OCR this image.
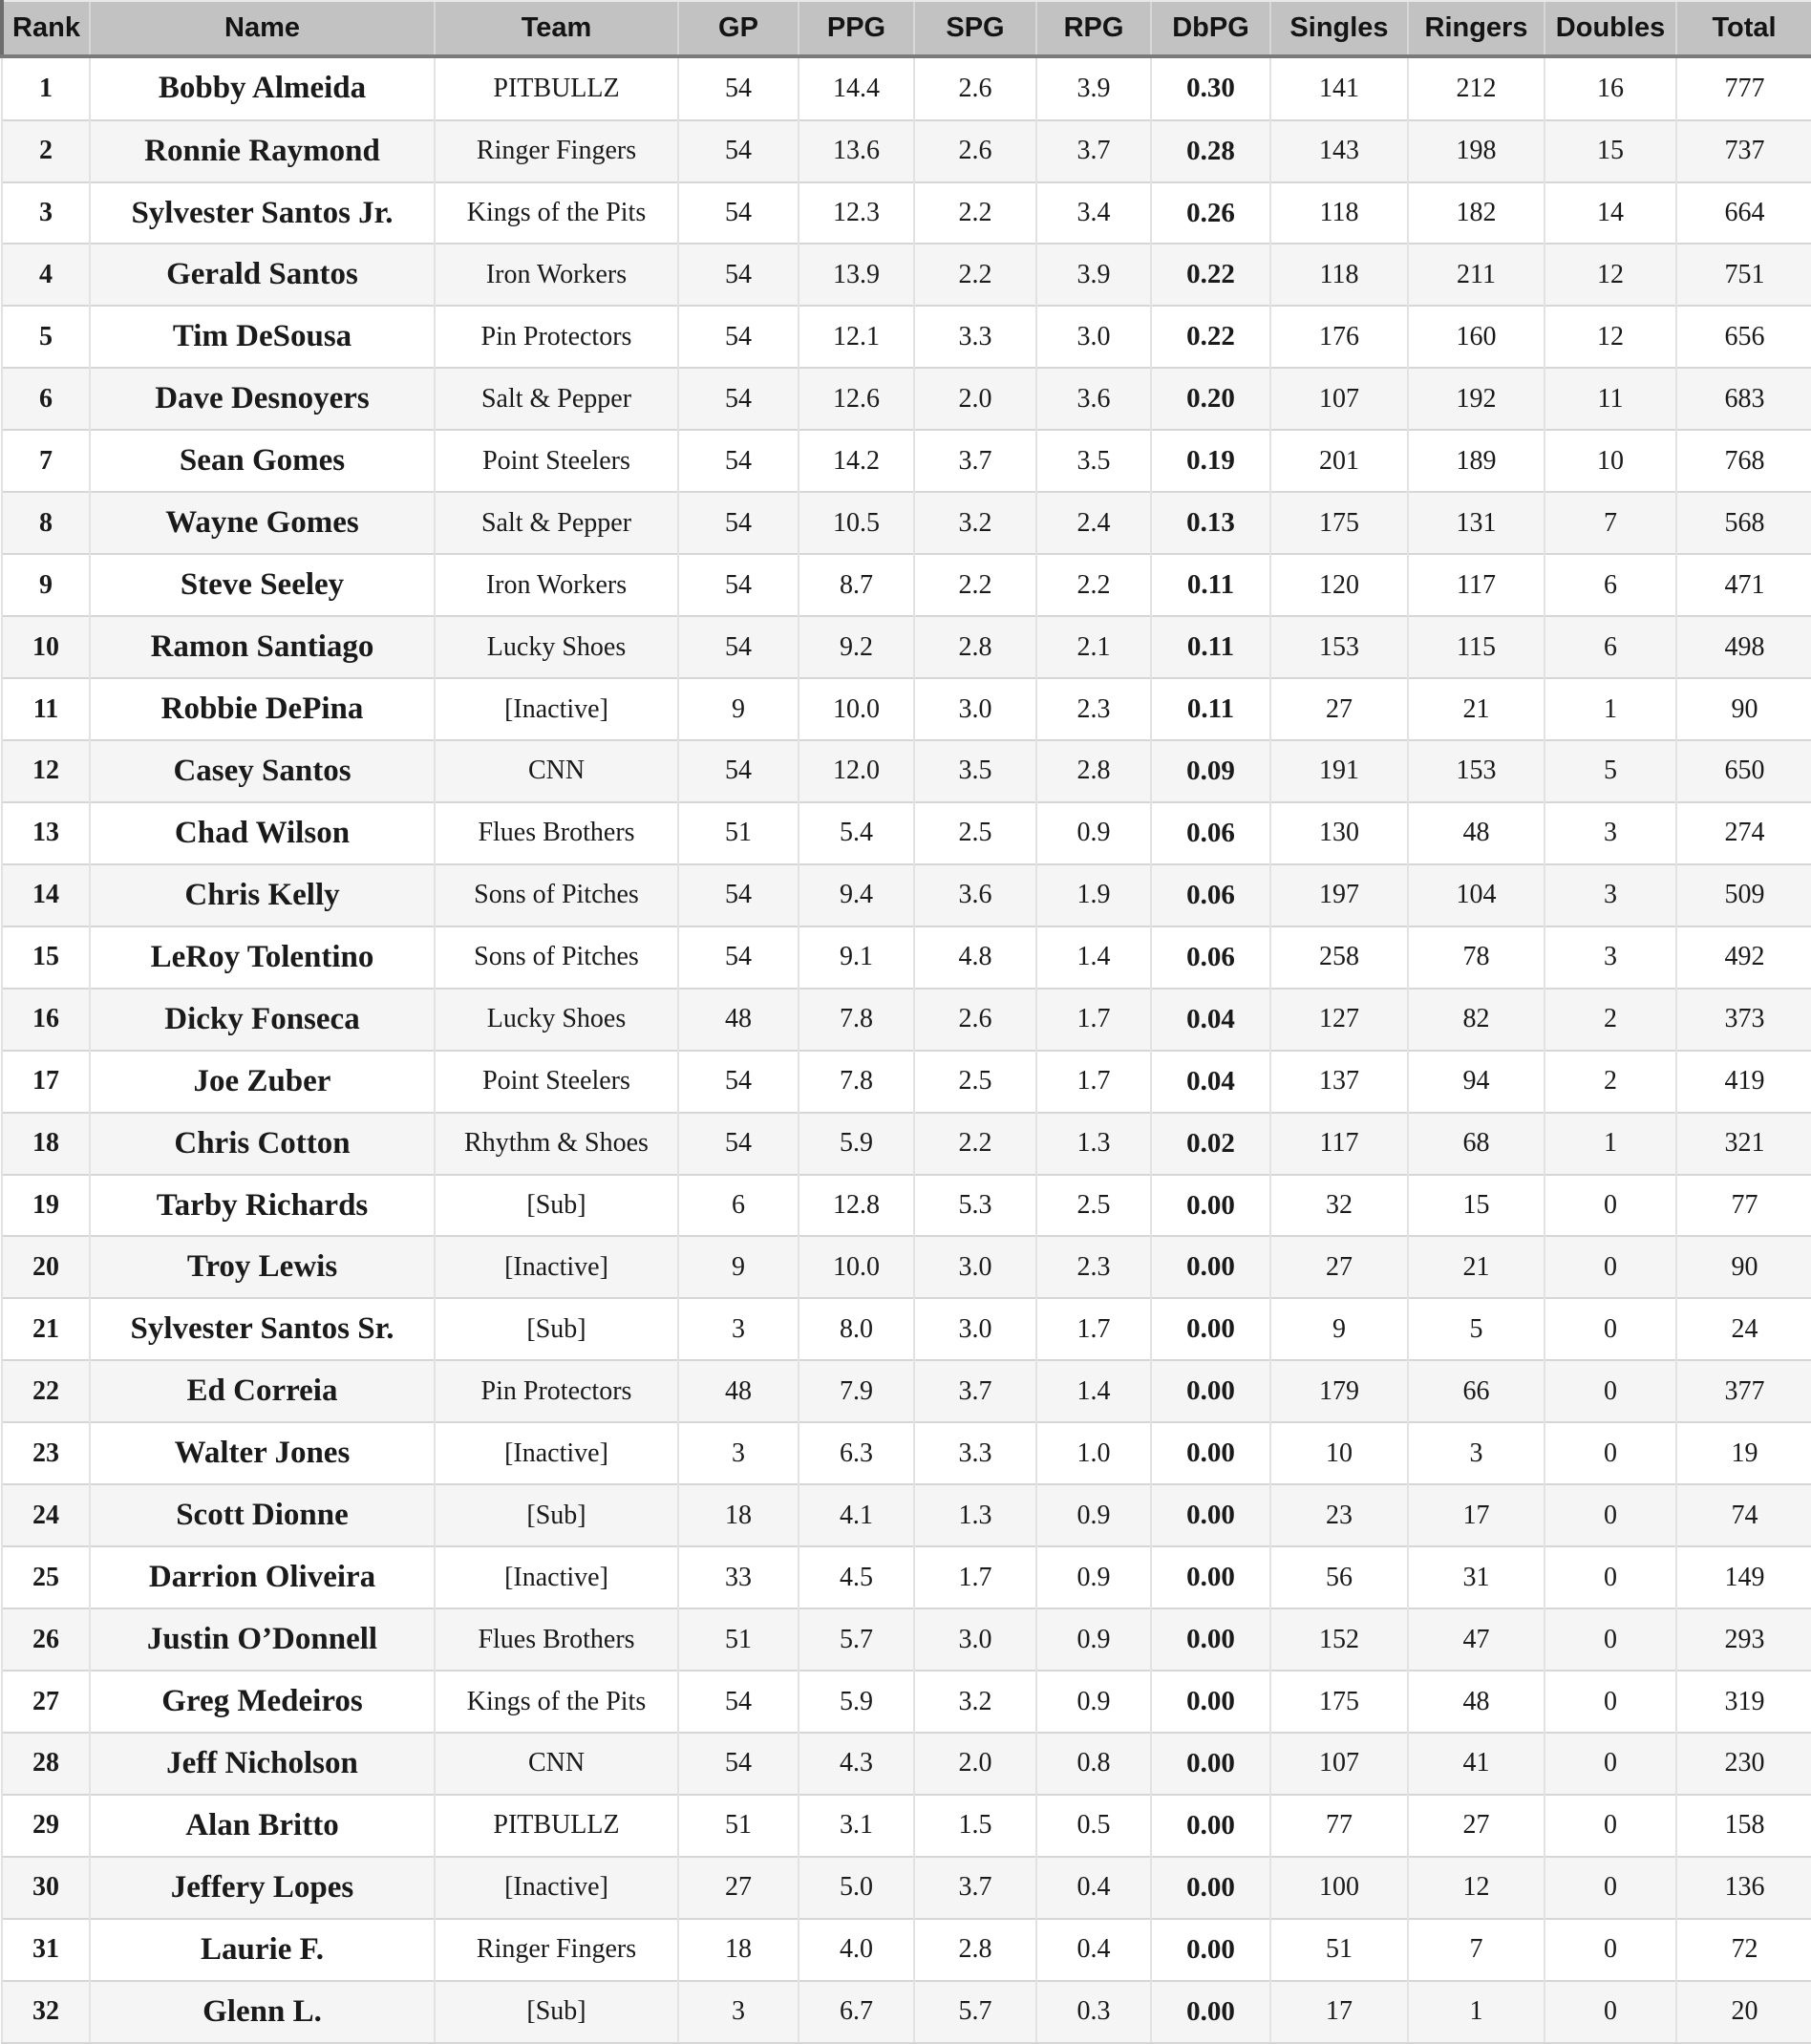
Rank	Name	Team	GP	PPG	SPG	RPG	DbPG	Singles	Ringers	Doubles	Total
1	Bobby Almeida	PITBULLZ	54	14.4	2.6	3.9	0.30	141	212	16	777
2	Ronnie Raymond	Ringer Fingers	54	13.6	2.6	3.7	0.28	143	198	15	737
3	Sylvester Santos Jr.	Kings of the Pits	54	12.3	2.2	3.4	0.26	118	182	14	664
4	Gerald Santos	Iron Workers	54	13.9	2.2	3.9	0.22	118	211	12	751
5	Tim DeSousa	Pin Protectors	54	12.1	3.3	3.0	0.22	176	160	12	656
6	Dave Desnoyers	Salt & Pepper	54	12.6	2.0	3.6	0.20	107	192	11	683
7	Sean Gomes	Point Steelers	54	14.2	3.7	3.5	0.19	201	189	10	768
8	Wayne Gomes	Salt & Pepper	54	10.5	3.2	2.4	0.13	175	131	7	568
9	Steve Seeley	Iron Workers	54	8.7	2.2	2.2	0.11	120	117	6	471
10	Ramon Santiago	Lucky Shoes	54	9.2	2.8	2.1	0.11	153	115	6	498
11	Robbie DePina	[Inactive]	9	10.0	3.0	2.3	0.11	27	21	1	90
12	Casey Santos	CNN	54	12.0	3.5	2.8	0.09	191	153	5	650
13	Chad Wilson	Flues Brothers	51	5.4	2.5	0.9	0.06	130	48	3	274
14	Chris Kelly	Sons of Pitches	54	9.4	3.6	1.9	0.06	197	104	3	509
15	LeRoy Tolentino	Sons of Pitches	54	9.1	4.8	1.4	0.06	258	78	3	492
16	Dicky Fonseca	Lucky Shoes	48	7.8	2.6	1.7	0.04	127	82	2	373
17	Joe Zuber	Point Steelers	54	7.8	2.5	1.7	0.04	137	94	2	419
18	Chris Cotton	Rhythm & Shoes	54	5.9	2.2	1.3	0.02	117	68	1	321
19	Tarby Richards	[Sub]	6	12.8	5.3	2.5	0.00	32	15	0	77
20	Troy Lewis	[Inactive]	9	10.0	3.0	2.3	0.00	27	21	0	90
21	Sylvester Santos Sr.	[Sub]	3	8.0	3.0	1.7	0.00	9	5	0	24
22	Ed Correia	Pin Protectors	48	7.9	3.7	1.4	0.00	179	66	0	377
23	Walter Jones	[Inactive]	3	6.3	3.3	1.0	0.00	10	3	0	19
24	Scott Dionne	[Sub]	18	4.1	1.3	0.9	0.00	23	17	0	74
25	Darrion Oliveira	[Inactive]	33	4.5	1.7	0.9	0.00	56	31	0	149
26	Justin O’Donnell	Flues Brothers	51	5.7	3.0	0.9	0.00	152	47	0	293
27	Greg Medeiros	Kings of the Pits	54	5.9	3.2	0.9	0.00	175	48	0	319
28	Jeff Nicholson	CNN	54	4.3	2.0	0.8	0.00	107	41	0	230
29	Alan Britto	PITBULLZ	51	3.1	1.5	0.5	0.00	77	27	0	158
30	Jeffery Lopes	[Inactive]	27	5.0	3.7	0.4	0.00	100	12	0	136
31	Laurie F.	Ringer Fingers	18	4.0	2.8	0.4	0.00	51	7	0	72
32	Glenn L.	[Sub]	3	6.7	5.7	0.3	0.00	17	1	0	20
